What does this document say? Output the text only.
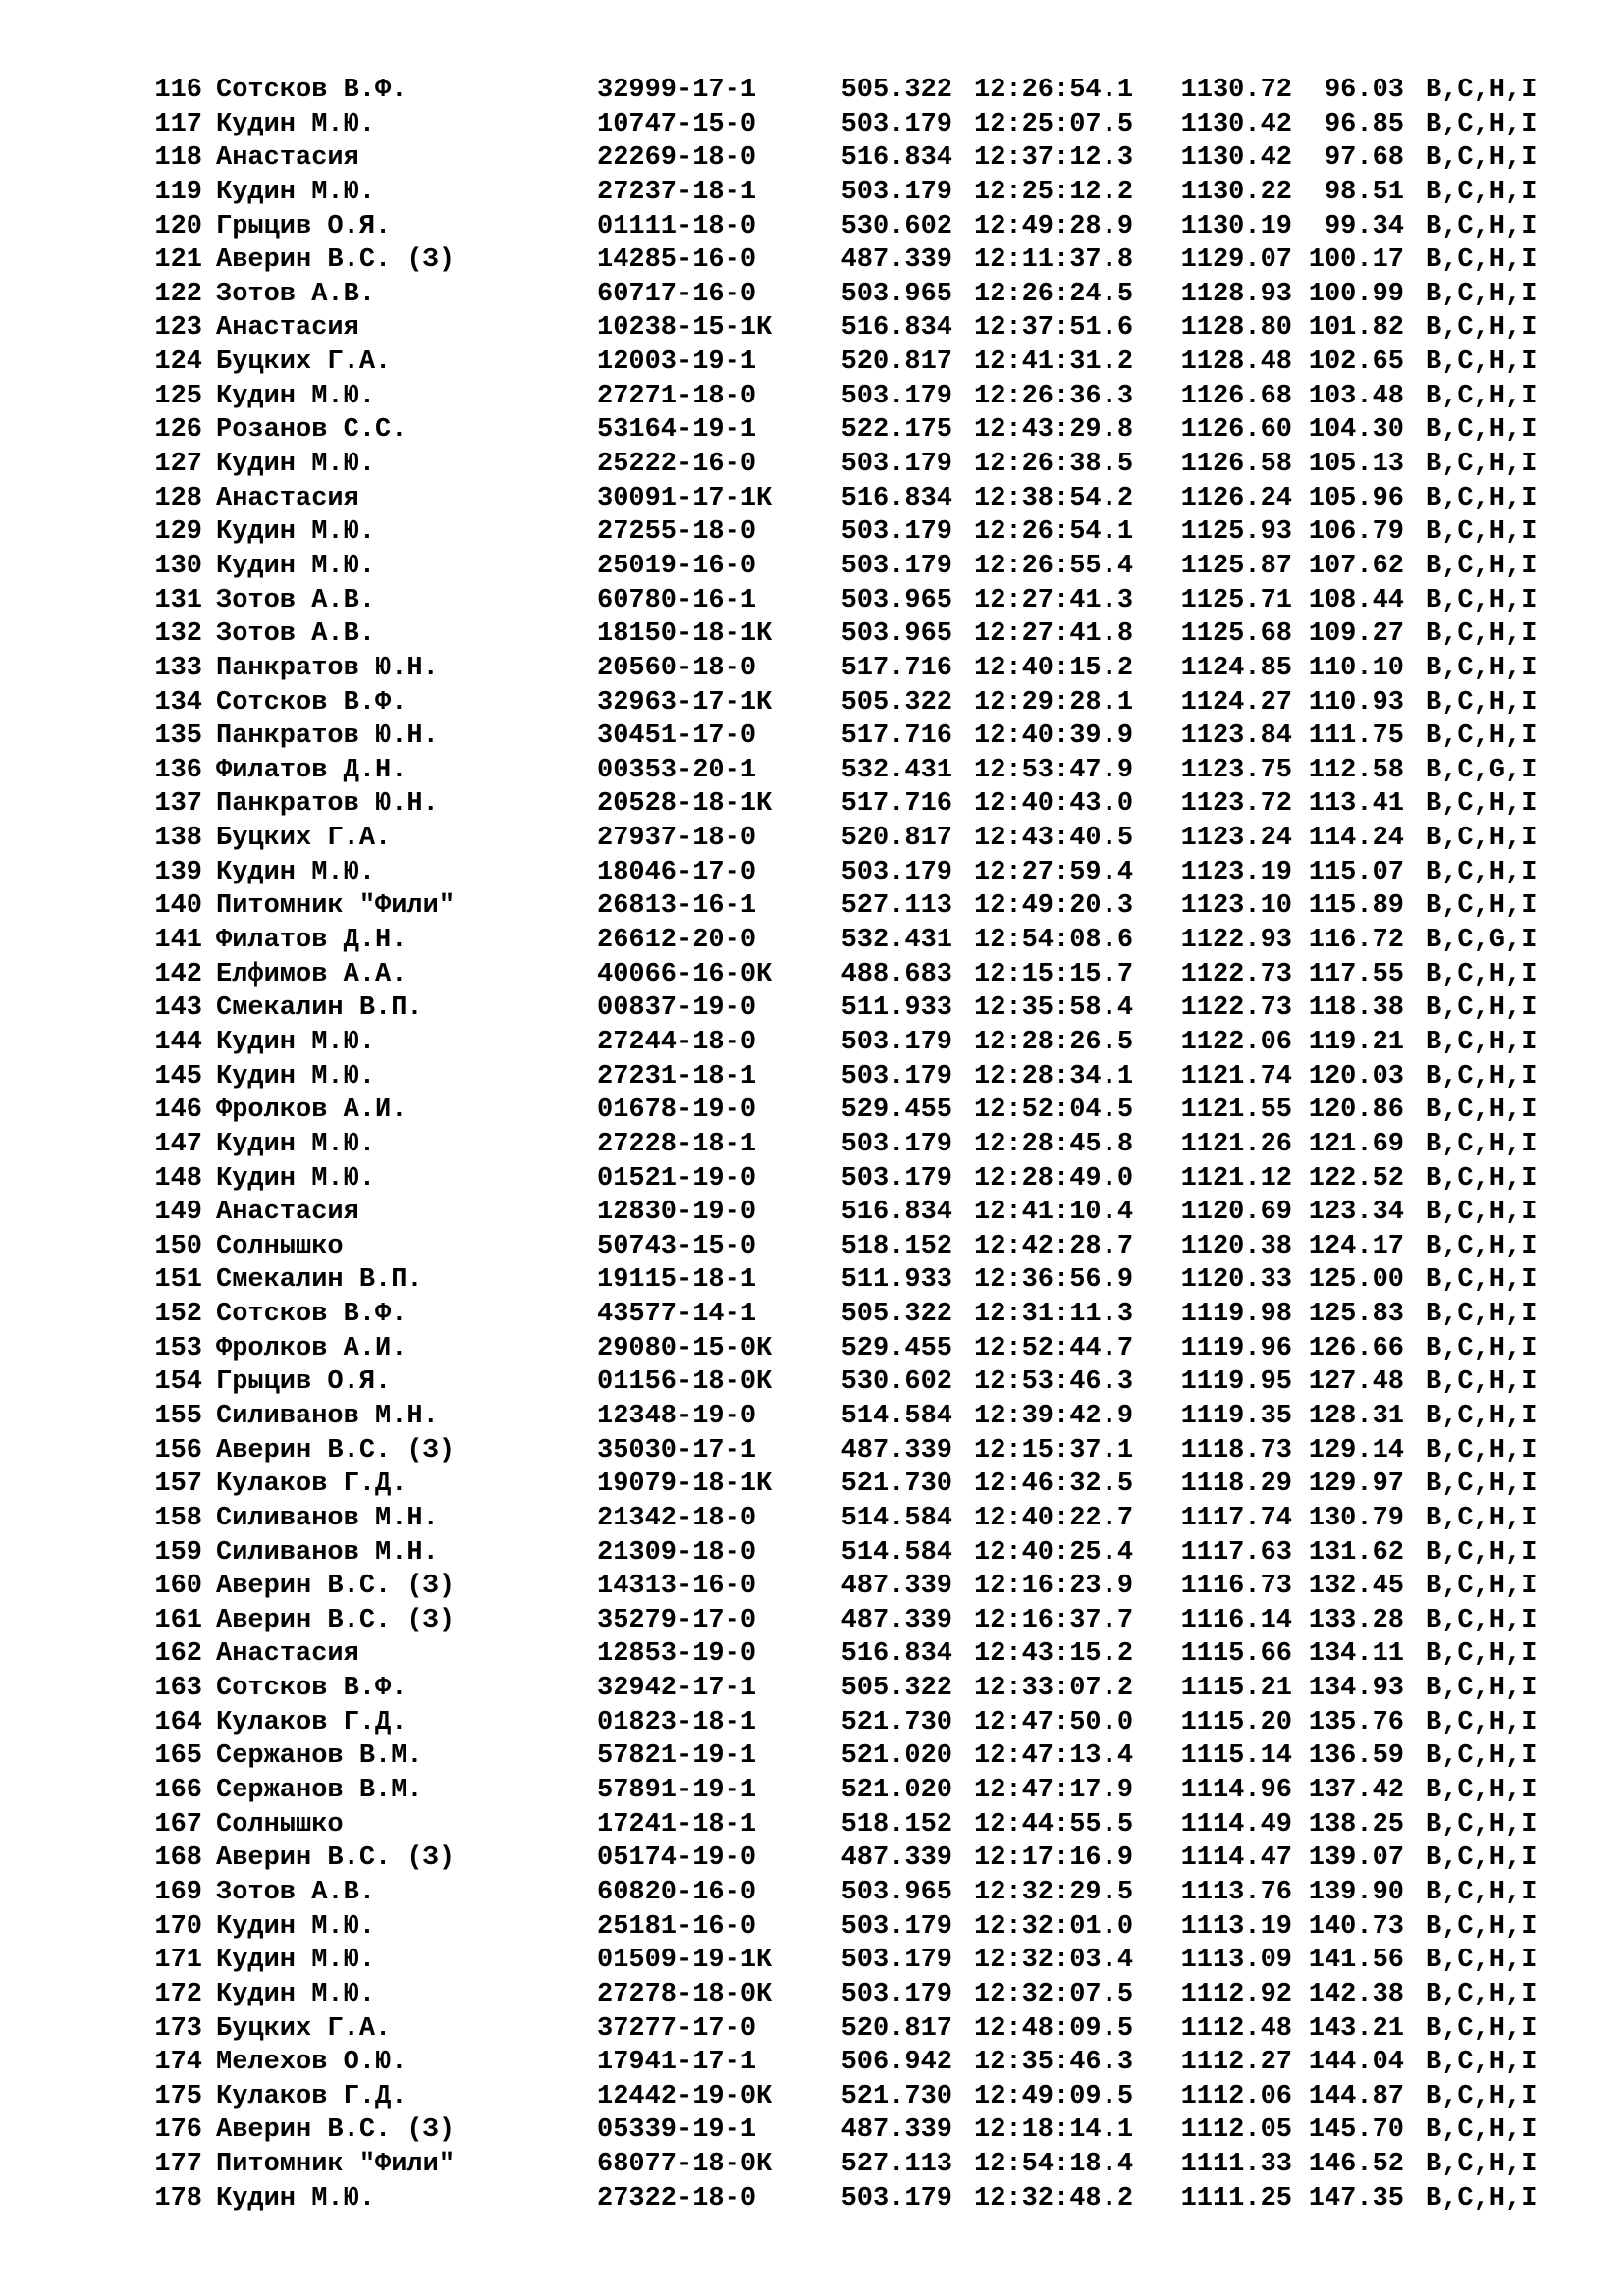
116 Сотсков В.Ф.	32999-17-1	505.322 12:26:54.1 1130.72	96.03 B,C,H,I
117 Кудин М.Ю.	10747-15-0	503.179 12:25:07.5 1130.42	96.85 B,C,H,I
118 Анастасия	22269-18-0	516.834 12:37:12.3 1130.42	97.68 B,C,H,I
119 Кудин М.Ю.	27237-18-1	503.179 12:25:12.2 1130.22	98.51 B,C,H,I
120 Грыцив О.Я.	01111-18-0	530.602 12:49:28.9 1130.19	99.34 B,C,H,I
121 Аверин В.С. (З)	14285-16-0	487.339 12:11:37.8 1129.07 100.17 B,C,H,I
122 Зотов А.В.	60717-16-0	503.965 12:26:24.5 1128.93 100.99 B,C,H,I
123 Анастасия	10238-15-1К	516.834 12:37:51.6 1128.80 101.82 B,C,H,I
124 Буцких Г.А.	12003-19-1	520.817 12:41:31.2 1128.48 102.65 B,C,H,I
125 Кудин М.Ю.	27271-18-0	503.179 12:26:36.3 1126.68 103.48 B,C,H,I
126 Розанов С.С.	53164-19-1	522.175 12:43:29.8 1126.60 104.30 B,C,H,I
127 Кудин М.Ю.	25222-16-0	503.179 12:26:38.5 1126.58 105.13 B,C,H,I
128 Анастасия	30091-17-1К	516.834 12:38:54.2 1126.24 105.96 B,C,H,I
129 Кудин М.Ю.	27255-18-0	503.179 12:26:54.1 1125.93 106.79 B,C,H,I
130 Кудин М.Ю.	25019-16-0	503.179 12:26:55.4 1125.87 107.62 B,C,H,I
131 Зотов А.В.	60780-16-1	503.965 12:27:41.3 1125.71 108.44 B,C,H,I
132 Зотов А.В.	18150-18-1К	503.965 12:27:41.8 1125.68 109.27 B,C,H,I
133 Панкратов Ю.Н.	20560-18-0	517.716 12:40:15.2 1124.85 110.10 B,C,H,I
134 Сотсков В.Ф.	32963-17-1К	505.322 12:29:28.1 1124.27 110.93 B,C,H,I
135 Панкратов Ю.Н.	30451-17-0	517.716 12:40:39.9 1123.84 111.75 B,C,H,I
136 Филатов Д.Н.	00353-20-1	532.431 12:53:47.9 1123.75 112.58 B,C,G,I
137 Панкратов Ю.Н.	20528-18-1К	517.716 12:40:43.0 1123.72 113.41 B,C,H,I
138 Буцких Г.А.	27937-18-0	520.817 12:43:40.5 1123.24 114.24 B,C,H,I
139 Кудин М.Ю.	18046-17-0	503.179 12:27:59.4 1123.19 115.07 B,C,H,I
140 Питомник "Фили"	26813-16-1	527.113 12:49:20.3 1123.10 115.89 B,C,H,I
141 Филатов Д.Н.	26612-20-0	532.431 12:54:08.6 1122.93 116.72 B,C,G,I
142 Елфимов А.А.	40066-16-0К	488.683 12:15:15.7 1122.73 117.55 B,C,H,I
143 Смекалин В.П.	00837-19-0	511.933 12:35:58.4 1122.73 118.38 B,C,H,I
144 Кудин М.Ю.	27244-18-0	503.179 12:28:26.5 1122.06 119.21 B,C,H,I
145 Кудин М.Ю.	27231-18-1	503.179 12:28:34.1 1121.74 120.03 B,C,H,I
146 Фролков А.И.	01678-19-0	529.455 12:52:04.5 1121.55 120.86 B,C,H,I
147 Кудин М.Ю.	27228-18-1	503.179 12:28:45.8 1121.26 121.69 B,C,H,I
148 Кудин М.Ю.	01521-19-0	503.179 12:28:49.0 1121.12 122.52 B,C,H,I
149 Анастасия	12830-19-0	516.834 12:41:10.4 1120.69 123.34 B,C,H,I
150 Солнышко	50743-15-0	518.152 12:42:28.7 1120.38 124.17 B,C,H,I
151 Смекалин В.П.	19115-18-1	511.933 12:36:56.9 1120.33 125.00 B,C,H,I
152 Сотсков В.Ф.	43577-14-1	505.322 12:31:11.3 1119.98 125.83 B,C,H,I
153 Фролков А.И.	29080-15-0К	529.455 12:52:44.7 1119.96 126.66 B,C,H,I
154 Грыцив О.Я.	01156-18-0К	530.602 12:53:46.3 1119.95 127.48 B,C,H,I
155 Силиванов М.Н.	12348-19-0	514.584 12:39:42.9 1119.35 128.31 B,C,H,I
156 Аверин В.С. (З)	35030-17-1	487.339 12:15:37.1 1118.73 129.14 B,C,H,I
157 Кулаков Г.Д.	19079-18-1К	521.730 12:46:32.5 1118.29 129.97 B,C,H,I
158 Силиванов М.Н.	21342-18-0	514.584 12:40:22.7 1117.74 130.79 B,C,H,I
159 Силиванов М.Н.	21309-18-0	514.584 12:40:25.4 1117.63 131.62 B,C,H,I
160 Аверин В.С. (З)	14313-16-0	487.339 12:16:23.9 1116.73 132.45 B,C,H,I
161 Аверин В.С. (З)	35279-17-0	487.339 12:16:37.7 1116.14 133.28 B,C,H,I
162 Анастасия	12853-19-0	516.834 12:43:15.2 1115.66 134.11 B,C,H,I
163 Сотсков В.Ф.	32942-17-1	505.322 12:33:07.2 1115.21 134.93 B,C,H,I
164 Кулаков Г.Д.	01823-18-1	521.730 12:47:50.0 1115.20 135.76 B,C,H,I
165 Сержанов В.М.	57821-19-1	521.020 12:47:13.4 1115.14 136.59 B,C,H,I
166 Сержанов В.М.	57891-19-1	521.020 12:47:17.9 1114.96 137.42 B,C,H,I
167 Солнышко	17241-18-1	518.152 12:44:55.5 1114.49 138.25 B,C,H,I
168 Аверин В.С. (З)	05174-19-0	487.339 12:17:16.9 1114.47 139.07 B,C,H,I
169 Зотов А.В.	60820-16-0	503.965 12:32:29.5 1113.76 139.90 B,C,H,I
170 Кудин М.Ю.	25181-16-0	503.179 12:32:01.0 1113.19 140.73 B,C,H,I
171 Кудин М.Ю.	01509-19-1К	503.179 12:32:03.4 1113.09 141.56 B,C,H,I
172 Кудин М.Ю.	27278-18-0К	503.179 12:32:07.5 1112.92 142.38 B,C,H,I
173 Буцких Г.А.	37277-17-0	520.817 12:48:09.5 1112.48 143.21 B,C,H,I
174 Мелехов О.Ю.	17941-17-1	506.942 12:35:46.3 1112.27 144.04 B,C,H,I
175 Кулаков Г.Д.	12442-19-0К	521.730 12:49:09.5 1112.06 144.87 B,C,H,I
176 Аверин В.С. (З)	05339-19-1	487.339 12:18:14.1 1112.05 145.70 B,C,H,I
177 Питомник "Фили"	68077-18-0К	527.113 12:54:18.4 1111.33 146.52 B,C,H,I
178 Кудин М.Ю.	27322-18-0	503.179 12:32:48.2 1111.25 147.35 B,C,H,I
